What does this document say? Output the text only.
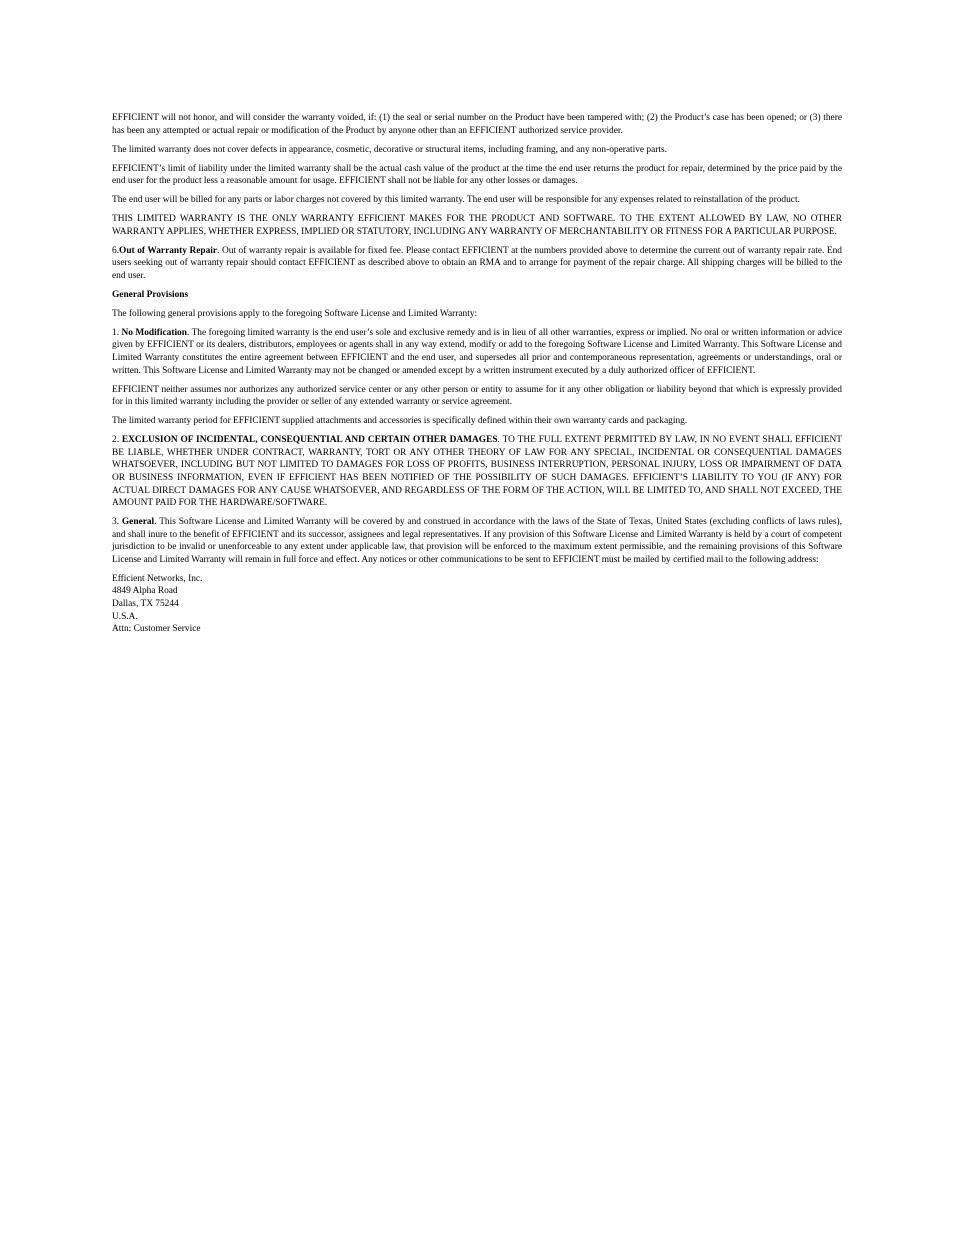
EFFICIENT will not honor, and will consider the warranty voided, if: (1) the seal or serial number on the Product have been tampered with; (2) the Product’s case has been opened; or (3) there has been any attempted or actual repair or modification of the Product by anyone other than an EFFICIENT authorized service provider.

The limited warranty does not cover defects in appearance, cosmetic, decorative or structural items, including framing, and any non-operative parts.

EFFICIENT’s limit of liability under the limited warranty shall be the actual cash value of the product at the time the end user returns the product for repair, determined by the price paid by the end user for the product less a reasonable amount for usage. EFFICIENT shall not be liable for any other losses or damages.

The end user will be billed for any parts or labor charges not covered by this limited warranty. The end user will be responsible for any expenses related to reinstallation of the product.

THIS LIMITED WARRANTY IS THE ONLY WARRANTY EFFICIENT MAKES FOR THE PRODUCT AND SOFTWARE. TO THE EXTENT ALLOWED BY LAW, NO OTHER WARRANTY APPLIES, WHETHER EXPRESS, IMPLIED OR STATUTORY, INCLUDING ANY WARRANTY OF MERCHANTABILITY OR FITNESS FOR A PARTICULAR PURPOSE.

6.Out of Warranty Repair. Out of warranty repair is available for fixed fee. Please contact EFFICIENT at the numbers provided above to determine the current out of warranty repair rate. End users seeking out of warranty repair should contact EFFICIENT as described above to obtain an RMA and to arrange for payment of the repair charge. All shipping charges will be billed to the end user.

General Provisions

The following general provisions apply to the foregoing Software License and Limited Warranty:

1. No Modification. The foregoing limited warranty is the end user’s sole and exclusive remedy and is in lieu of all other warranties, express or implied. No oral or written information or advice given by EFFICIENT or its dealers, distributors, employees or agents shall in any way extend, modify or add to the foregoing Software License and Limited Warranty. This Software License and Limited Warranty constitutes the entire agreement between EFFICIENT and the end user, and supersedes all prior and contemporaneous representation, agreements or understandings, oral or written. This Software License and Limited Warranty may not be changed or amended except by a written instrument executed by a duly authorized officer of EFFICIENT.

EFFICIENT neither assumes nor authorizes any authorized service center or any other person or entity to assume for it any other obligation or liability beyond that which is expressly provided for in this limited warranty including the provider or seller of any extended warranty or service agreement.

The limited warranty period for EFFICIENT supplied attachments and accessories is specifically defined within their own warranty cards and packaging.

2. EXCLUSION OF INCIDENTAL, CONSEQUENTIAL AND CERTAIN OTHER DAMAGES. TO THE FULL EXTENT PERMITTED BY LAW, IN NO EVENT SHALL EFFICIENT BE LIABLE, WHETHER UNDER CONTRACT, WARRANTY, TORT OR ANY OTHER THEORY OF LAW FOR ANY SPECIAL, INCIDENTAL OR CONSEQUENTIAL DAMAGES WHATSOEVER, INCLUDING BUT NOT LIMITED TO DAMAGES FOR LOSS OF PROFITS, BUSINESS INTERRUPTION, PERSONAL INJURY, LOSS OR IMPAIRMENT OF DATA OR BUSINESS INFORMATION, EVEN IF EFFICIENT HAS BEEN NOTIFIED OF THE POSSIBILITY OF SUCH DAMAGES. EFFICIENT’S LIABILITY TO YOU (IF ANY) FOR ACTUAL DIRECT DAMAGES FOR ANY CAUSE WHATSOEVER, AND REGARDLESS OF THE FORM OF THE ACTION, WILL BE LIMITED TO, AND SHALL NOT EXCEED, THE AMOUNT PAID FOR THE HARDWARE/SOFTWARE.

3. General. This Software License and Limited Warranty will be covered by and construed in accordance with the laws of the State of Texas, United States (excluding conflicts of laws rules), and shall inure to the benefit of EFFICIENT and its successor, assignees and legal representatives. If any provision of this Software License and Limited Warranty is held by a court of competent jurisdiction to be invalid or unenforceable to any extent under applicable law, that provision will be enforced to the maximum extent permissible, and the remaining provisions of this Software License and Limited Warranty will remain in full force and effect. Any notices or other communications to be sent to EFFICIENT must be mailed by certified mail to the following address:

Efficient Networks, Inc.
4849 Alpha Road
Dallas, TX 75244
U.S.A.
Attn: Customer Service
